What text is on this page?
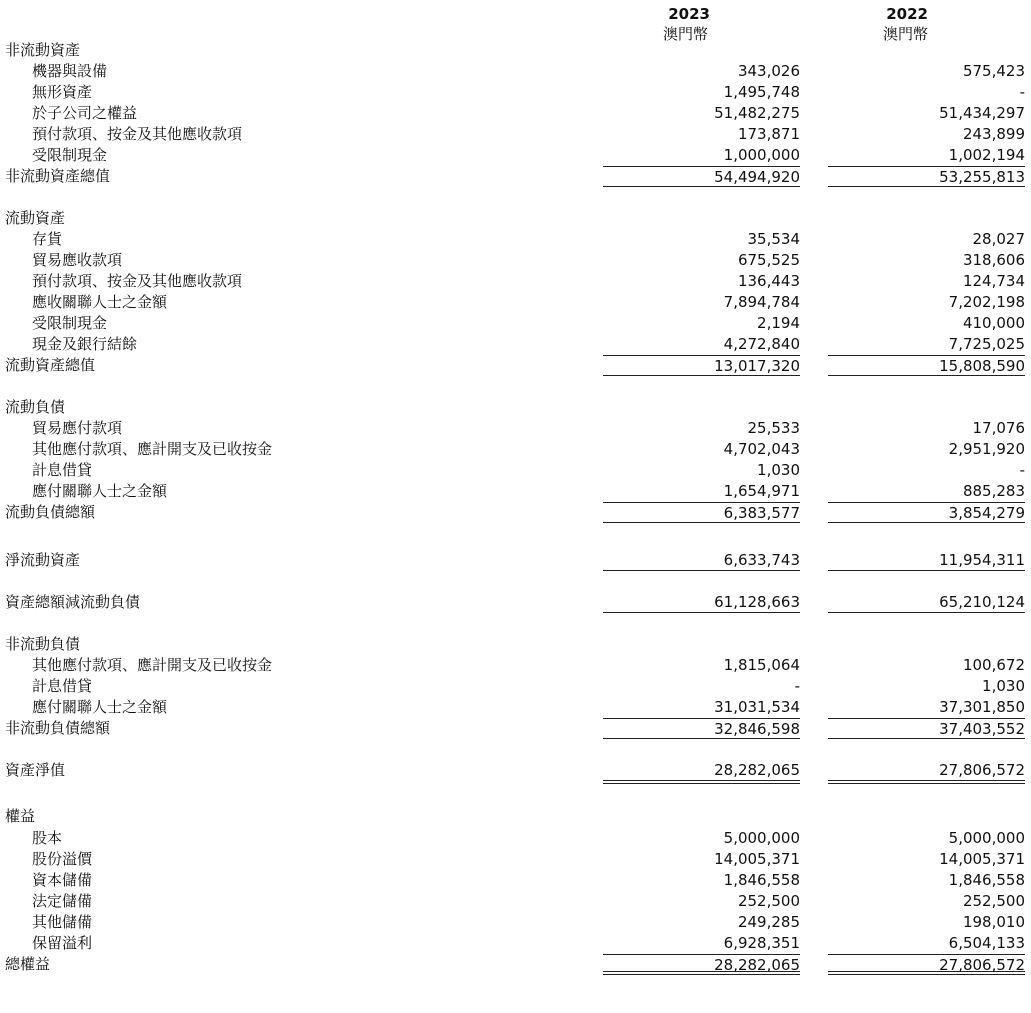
2023
澳門幣
2022
澳門幣
非流動資產
機器與設備	343,026	575,423
無形資產	1,495,748	-
於子公司之權益	51,482,275	51,434,297
預付款項、按金及其他應收款項	173,871	243,899
受限制現金	1,000,000	1,002,194
非流動資產總值	54,494,920	53,255,813
流動資產
存貨	35,534	28,027
貿易應收款項	675,525	318,606
預付款項、按金及其他應收款項	136,443	124,734
應收關聯人士之金額	7,894,784	7,202,198
受限制現金	2,194	410,000
現金及銀行結餘	4,272,840	7,725,025
流動資產總值	13,017,320	15,808,590
流動負債
貿易應付款項	25,533	17,076
其他應付款項、應計開支及已收按金	4,702,043	2,951,920
計息借貸	1,030	-
應付關聯人士之金額	1,654,971	885,283
流動負債總額	6,383,577	3,854,279
淨流動資產	6,633,743	11,954,311
資產總額減流動負債	61,128,663	65,210,124
非流動負債
其他應付款項、應計開支及已收按金	1,815,064	100,672
計息借貸	-	1,030
應付關聯人士之金額	31,031,534	37,301,850
非流動負債總額	32,846,598	37,403,552
資產淨值	28,282,065	27,806,572
權益
股本	5,000,000	5,000,000
股份溢價	14,005,371	14,005,371
資本儲備	1,846,558	1,846,558
法定儲備	252,500	252,500
其他儲備	249,285	198,010
保留溢利	6,928,351	6,504,133
總權益	28,282,065	27,806,572
